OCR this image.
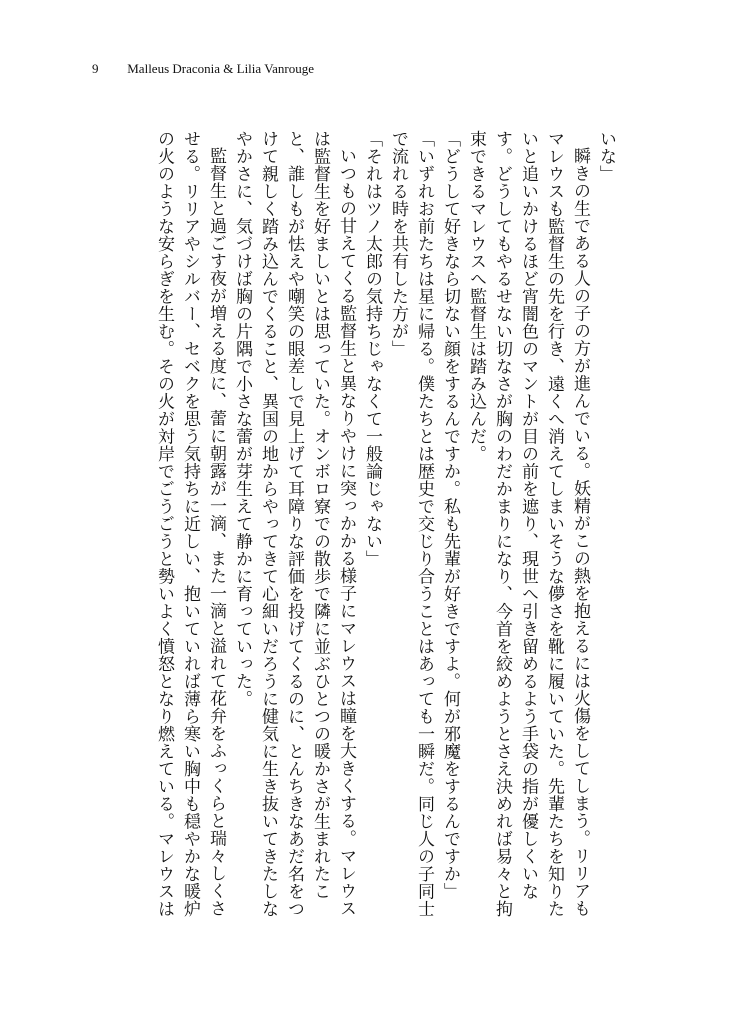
9 Malleus Draconia & Lilia Vanrouge

いな」

瞬きの生である人の子の方が進んでいる。妖精がこの熱を抱えるには火傷をしてしまう。リリアもマレウスも監督生の先を行き、遠くへ消えてしまいそうな儚さを靴に履いていた。先輩たちを知りたいと追いかけるほど宵闇色のマントが目の前を遮り、現世へ引き留めるよう手袋の指が優しくいなす。どうしてもやるせない切なさが胸のわだかまりになり、今首を絞めようとさえ決めれば易々と拘束できるマレウスへ監督生は踏み込んだ。

「どうして好きなら切ない顔をするんですか。私も先輩が好きですよ。何が邪魔をするんですか」

「いずれお前たちは星に帰る。僕たちとは歴史で交じり合うことはあっても一瞬だ。同じ人の子同士で流れる時を共有した方が」

「それはツノ太郎の気持ちじゃなくて一般論じゃない」

いつもの甘えてくる監督生と異なりやけに突っかかる様子にマレウスは瞳を大きくする。マレウスは監督生を好ましいとは思っていた。オンボロ寮での散歩で隣に並ぶひとつの暖かさが生まれたこと、誰しもが怯えや嘲笑の眼差しで見上げて耳障りな評価を投げてくるのに、とんちきなあだ名をつけて親しく踏み込んでくること、異国の地からやってきて心細いだろうに健気に生き抜いてきたしなやかさに、気づけば胸の片隅で小さな蕾が芽生えて静かに育っていった。

監督生と過ごす夜が増える度に、蕾に朝露が一滴、また一滴と溢れて花弁をふっくらと瑞々しくさせる。リリアやシルバー、セベクを思う気持ちに近しい、抱いていれば薄ら寒い胸中も穏やかな暖炉の火のような安らぎを生む。その火が対岸でごうごうと勢いよく憤怒となり燃えている。マレウスは
